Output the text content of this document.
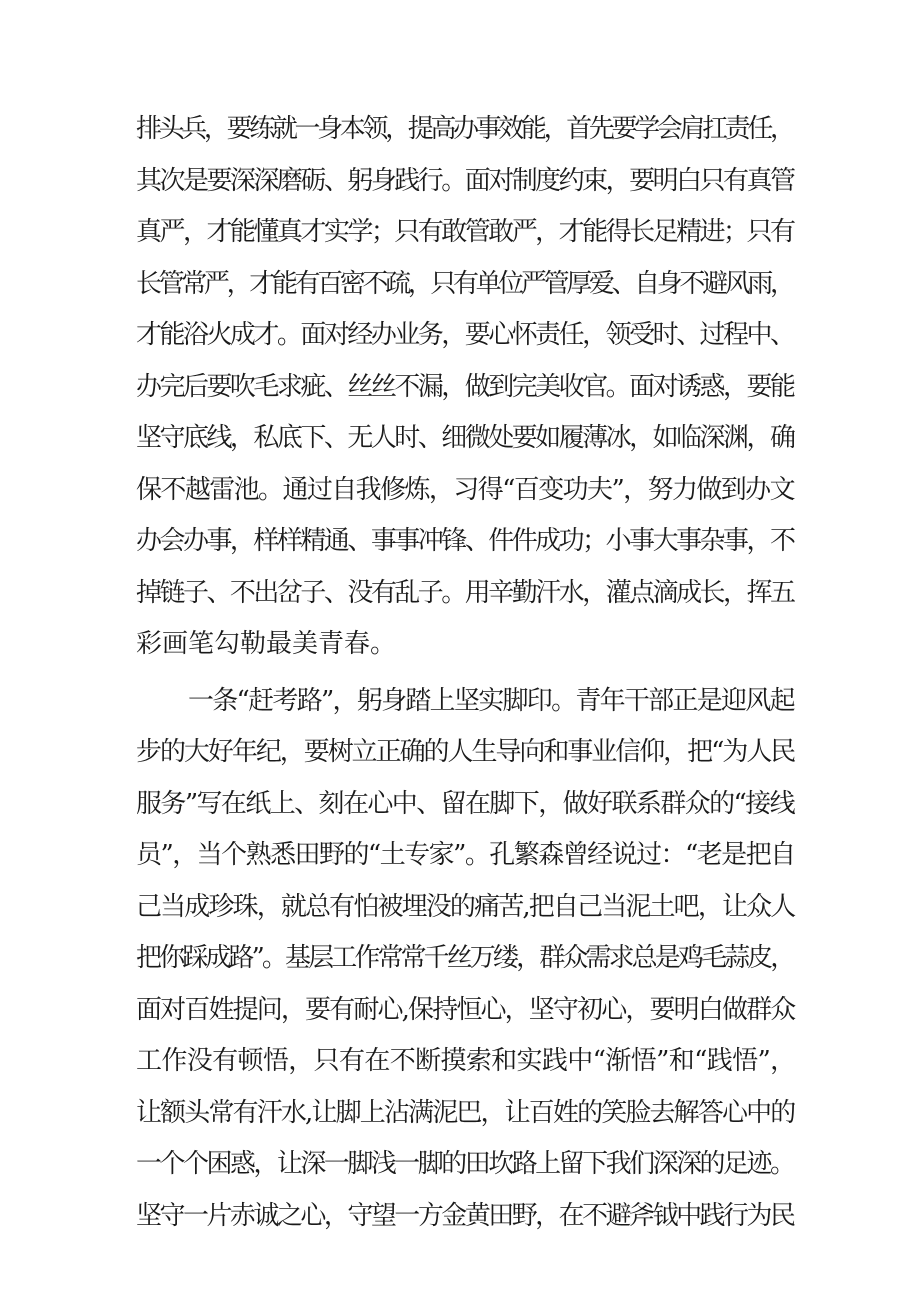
排头兵，要练就一身本领，提高办事效能，首先要学会肩扛责任，
其次是要深深磨砺、躬身践行。面对制度约束，要明白只有真管
真严，才能懂真才实学；只有敢管敢严，才能得长足精进；只有
长管常严，才能有百密不疏，只有单位严管厚爱、自身不避风雨，
才能浴火成才。面对经办业务，要心怀责任，领受时、过程中、
办完后要吹毛求疵、丝丝不漏，做到完美收官。面对诱惑，要能
坚守底线，私底下、无人时、细微处要如履薄冰，如临深渊，确
保不越雷池。通过自我修炼，习得“百变功夫”，努力做到办文
办会办事，样样精通、事事冲锋、件件成功；小事大事杂事，不
掉链子、不出岔子、没有乱子。用辛勤汗水，灌点滴成长，挥五
彩画笔勾勒最美青春。
一条“赶考路”，躬身踏上坚实脚印。青年干部正是迎风起
步的大好年纪，要树立正确的人生导向和事业信仰，把“为人民
服务”写在纸上、刻在心中、留在脚下，做好联系群众的“接线
员”，当个熟悉田野的“土专家”。孔繁森曾经说过：“老是把自
己当成珍珠，就总有怕被埋没的痛苦,把自己当泥土吧，让众人
把你踩成路”。基层工作常常千丝万缕，群众需求总是鸡毛蒜皮，
面对百姓提问，要有耐心,保持恒心，坚守初心，要明白做群众
工作没有顿悟，只有在不断摸索和实践中“渐悟”和“践悟”，
让额头常有汗水,让脚上沾满泥巴，让百姓的笑脸去解答心中的
一个个困惑，让深一脚浅一脚的田坎路上留下我们深深的足迹。
坚守一片赤诚之心，守望一方金黄田野，在不避斧钺中践行为民
